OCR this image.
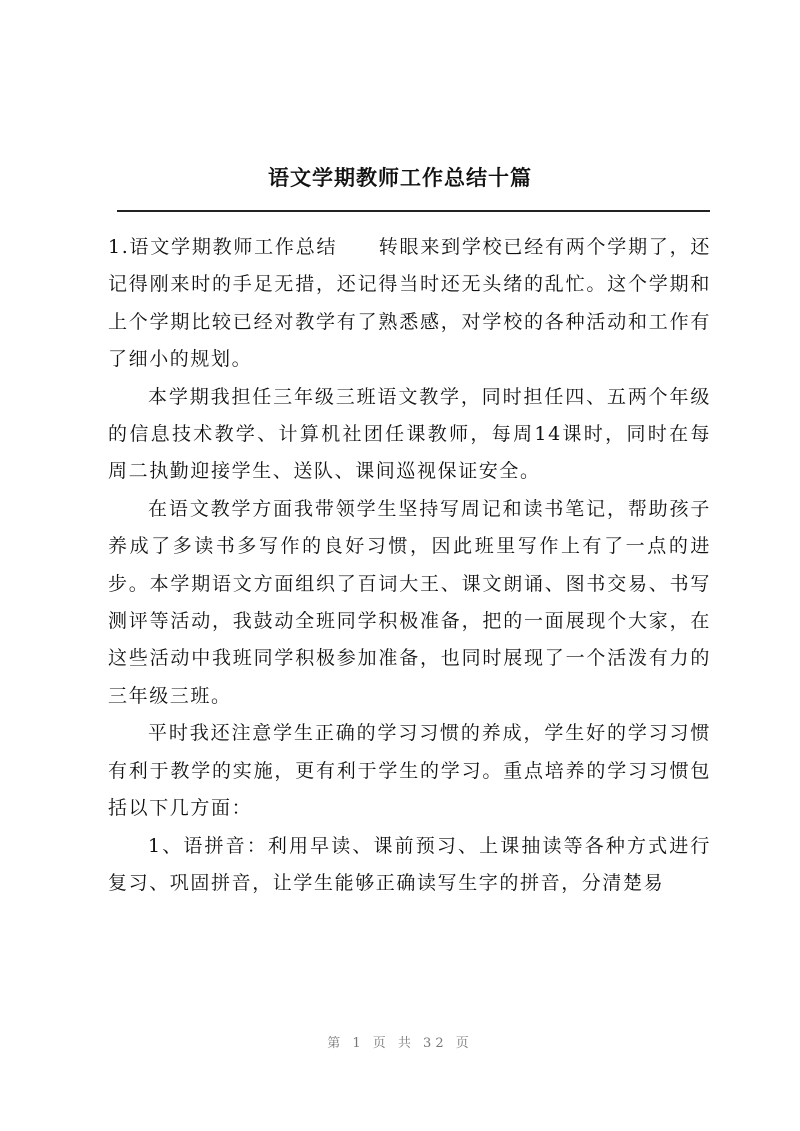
语文学期教师工作总结十篇

1.语文学期教师工作总结　　转眼来到学校已经有两个学期了，还记得刚来时的手足无措，还记得当时还无头绪的乱忙。这个学期和上个学期比较已经对教学有了熟悉感，对学校的各种活动和工作有了细小的规划。

本学期我担任三年级三班语文教学，同时担任四、五两个年级的信息技术教学、计算机社团任课教师，每周14课时，同时在每周二执勤迎接学生、送队、课间巡视保证安全。

在语文教学方面我带领学生坚持写周记和读书笔记，帮助孩子养成了多读书多写作的良好习惯，因此班里写作上有了一点的进步。本学期语文方面组织了百词大王、课文朗诵、图书交易、书写测评等活动，我鼓动全班同学积极准备，把的一面展现个大家，在这些活动中我班同学积极参加准备，也同时展现了一个活泼有力的三年级三班。

平时我还注意学生正确的学习习惯的养成，学生好的学习习惯有利于教学的实施，更有利于学生的学习。重点培养的学习习惯包括以下几方面：

1、语拼音：利用早读、课前预习、上课抽读等各种方式进行复习、巩固拼音，让学生能够正确读写生字的拼音，分清楚易

第 1 页 共 32 页
